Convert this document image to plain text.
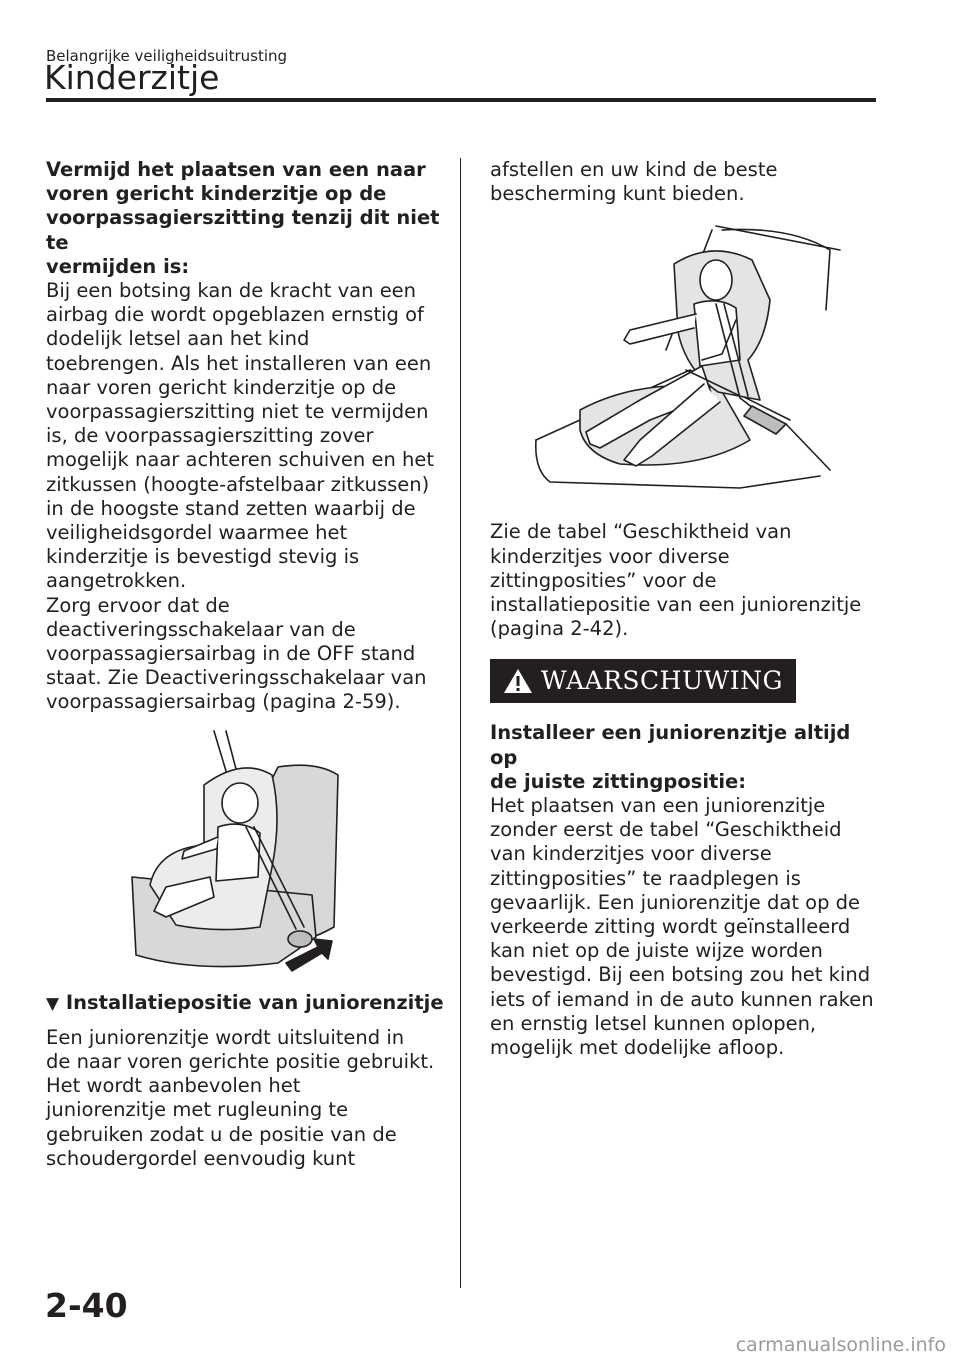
Belangrijke veiligheidsuitrusting
Kinderzitje

Vermijd het plaatsen van een naar
voren gericht kinderzitje op de
voorpassagierszitting tenzij dit niet te
vermijden is:

Bij een botsing kan de kracht van een
airbag die wordt opgeblazen ernstig of
dodelijk letsel aan het kind
toebrengen. Als het installeren van een
naar voren gericht kinderzitje op de
voorpassagierszitting niet te vermijden
is, de voorpassagierszitting zover
mogelijk naar achteren schuiven en het
zitkussen (hoogte-afstelbaar zitkussen)
in de hoogste stand zetten waarbij de
veiligheidsgordel waarmee het
kinderzitje is bevestigd stevig is
aangetrokken.

Zorg ervoor dat de
deactiveringsschakelaar van de
voorpassagiersairbag in de OFF stand
staat. Zie Deactiveringsschakelaar van
voorpassagiersairbag (pagina 2-59).

▼ Installatiepositie van juniorenzitje

Een juniorenzitje wordt uitsluitend in
de naar voren gerichte positie gebruikt.
Het wordt aanbevolen het
juniorenzitje met rugleuning te
gebruiken zodat u de positie van de
schoudergordel eenvoudig kunt

afstellen en uw kind de beste
bescherming kunt bieden.

Zie de tabel “Geschiktheid van
kinderzitjes voor diverse
zittingposities” voor de
installatiepositie van een juniorenzitje
(pagina 2-42).

WAARSCHUWING

Installeer een juniorenzitje altijd op
de juiste zittingpositie:

Het plaatsen van een juniorenzitje
zonder eerst de tabel “Geschiktheid
van kinderzitjes voor diverse
zittingposities” te raadplegen is
gevaarlijk. Een juniorenzitje dat op de
verkeerde zitting wordt geïnstalleerd
kan niet op de juiste wijze worden
bevestigd. Bij een botsing zou het kind
iets of iemand in de auto kunnen raken
en ernstig letsel kunnen oplopen,
mogelijk met dodelijke afloop.

2-40
carmanualsonline.info
